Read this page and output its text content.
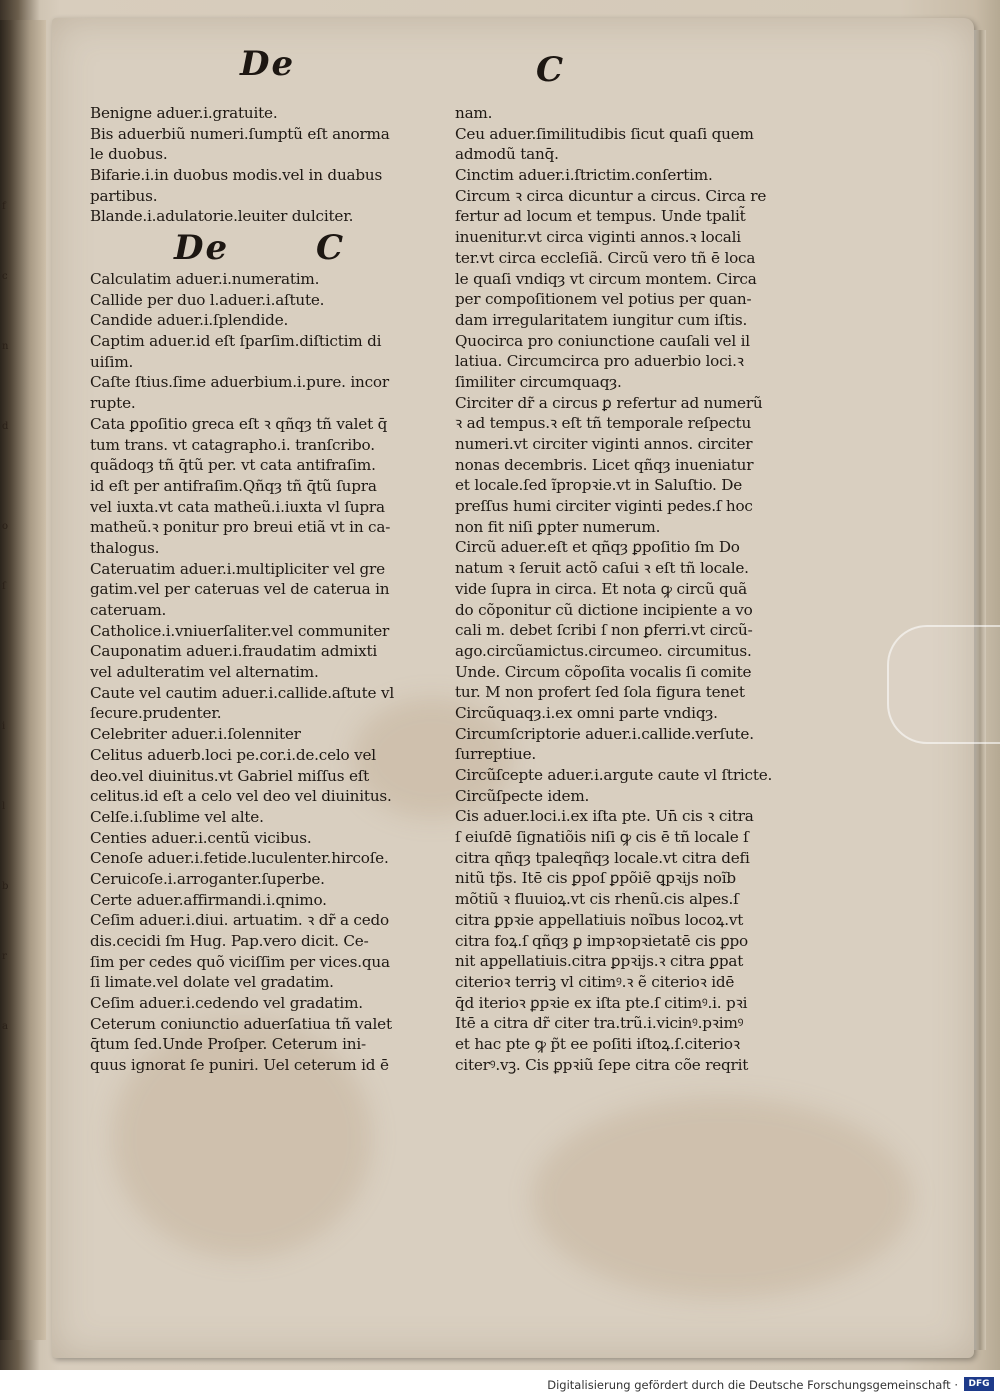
f
c
n
d
o
ſ
i
l
b
r
a
De	C
De	C
Benigne aduer.i.gratuite.
Bis aduerbiũ numeri.ſumptũ eſt anorma
le duobus.
Bifarie.i.in duobus modis.vel in duabus
partibus.
Blande.i.adulatorie.leuiter dulciter.
Calculatim aduer.i.numeratim.
Callide per duo l.aduer.i.aſtute.
Candide aduer.i.ſplendide.
Captim aduer.id eſt ſparſim.diſtictim di
uiſim.
Caſte ſtius.ſime aduerbium.i.pure. incor
rupte.
Cata ꝑpoſitio greca eſt ꝛ qñqȝ tñ valet q̄
tum trans. vt catagrapho.i. tranſcribo.
quãdoqȝ tñ q̄tũ per. vt cata antifraſim.
id eſt per antifraſim.Qñqȝ tñ q̄tũ ſupra
vel iuxta.vt cata matheũ.i.iuxta vl ſupra
matheũ.ꝛ ponitur pro breui etiã vt in ca-
thalogus.
Cateruatim aduer.i.multipliciter vel gre
gatim.vel per cateruas vel de caterua in
cateruam.
Catholice.i.vniuerſaliter.vel communiter
Cauponatim aduer.i.fraudatim admixti
vel adulteratim vel alternatim.
Caute vel cautim aduer.i.callide.aſtute vl
ſecure.prudenter.
Celebriter aduer.i.ſolenniter
Celitus aduerb.loci pe.cor.i.de.celo vel
deo.vel diuinitus.vt Gabriel miſſus eſt
celitus.id eſt a celo vel deo vel diuinitus.
Celſe.i.ſublime vel alte.
Centies aduer.i.centũ vicibus.
Cenoſe aduer.i.fetide.luculenter.hircoſe.
Ceruicoſe.i.arroganter.ſuperbe.
Certe aduer.affirmandi.i.qnimo.
Ceſim aduer.i.diui. artuatim. ꝛ dr̃ a cedo
dis.cecidi ſm Hug. Pap.vero dicit. Ce-
ſim per cedes quõ viciſſim per vices.qua
ſi limate.vel dolate vel gradatim.
Ceſim aduer.i.cedendo vel gradatim.
Ceterum coniunctio aduerſatiua tñ valet
q̄tum ſed.Unde Proſper. Ceterum ini-
quus ignorat ſe puniri. Uel ceterum id ē
nam.
Ceu aduer.ſimilitudibis ſicut quaſi quem
admodũ tanq̄.
Cinctim aduer.i.ſtrictim.conſertim.
Circum ꝛ circa dicuntur a circus. Circa re
fertur ad locum et tempus. Unde tpalit̃
inuenitur.vt circa viginti annos.ꝛ locali
ter.vt circa eccleſiã. Circũ vero tñ ē loca
le quaſi vndiqȝ vt circum montem. Circa
per compoſitionem vel potius per quan-
dam irregularitatem iungitur cum iſtis.
Quocirca pro coniunctione cauſali vel il
latiua. Circumcirca pro aduerbio loci.ꝛ
ſimiliter circumquaqȝ.
Circiter dr̃ a circus ꝑ refertur ad numerũ
ꝛ ad tempus.ꝛ eſt tñ temporale reſpectu
numeri.vt circiter viginti annos. circiter
nonas decembris. Licet qñqȝ inueniatur
et locale.ſed ĩpropꝛie.vt in Saluſtio. De
preſſus humi circiter viginti pedes.ſ hoc
non fit niſi ꝑpter numerum.
Circũ aduer.eſt et qñqȝ ꝑpoſitio ſm Do
natum ꝛ ſeruit actõ caſui ꝛ eſt tñ locale.
vide ſupra in circa. Et nota ꝙ circũ quã
do cõponitur cũ dictione incipiente a vo
cali m. debet ſcribi ſ non ꝑferri.vt circũ-
ago.circũamictus.circumeo. circumitus.
Unde. Circum cõpoſita vocalis ſi comite
tur. M non profert ſed ſola figura tenet
Circũquaqȝ.i.ex omni parte vndiqȝ.
Circumſcriptorie aduer.i.callide.verſute.
ſurreptiue.
Circũſcepte aduer.i.argute caute vl ſtricte.
Circũſpecte idem.
Cis aduer.loci.i.ex iſta pte. Un̄ cis ꝛ citra
ſ eiuſdē ſignatiõis niſi ꝙ cis ē tñ locale ſ
citra qñqȝ tpaleqñqȝ locale.vt citra defi
nitũ tp̃s. Itē cis ꝑpoſ ꝑpõiẽ ꝗpꝛijs noĩb
mõtiũ ꝛ fluuioꝝ.vt cis rhenũ.cis alpes.ſ
citra ꝑpꝛie appellatiuis noĩbus locoꝝ.vt
citra foꝝ.ſ qñqȝ ꝑ impꝛopꝛietatē cis ꝑpo
nit appellatiuis.citra ꝑpꝛijs.ꝛ citra ꝑpat
citerioꝛ terriꝫ vl citimꝰ.ꝛ ẽ citerioꝛ idē
q̄d iterioꝛ ꝑpꝛie ex iſta pte.ſ citimꝰ.i. pꝛi
Itē a citra dr̃ citer tra.trũ.i.vicinꝰ.pꝛimꝰ
et hac pte ꝙ p̃t ee poſiti iſtoꝝ.ſ.citerioꝛ
citerꝰ.vꝫ. Cis ꝑpꝛiũ ſepe citra cõe reqrit
Digitalisierung gefördert durch die Deutsche Forschungsgemeinschaft ·	DFG
